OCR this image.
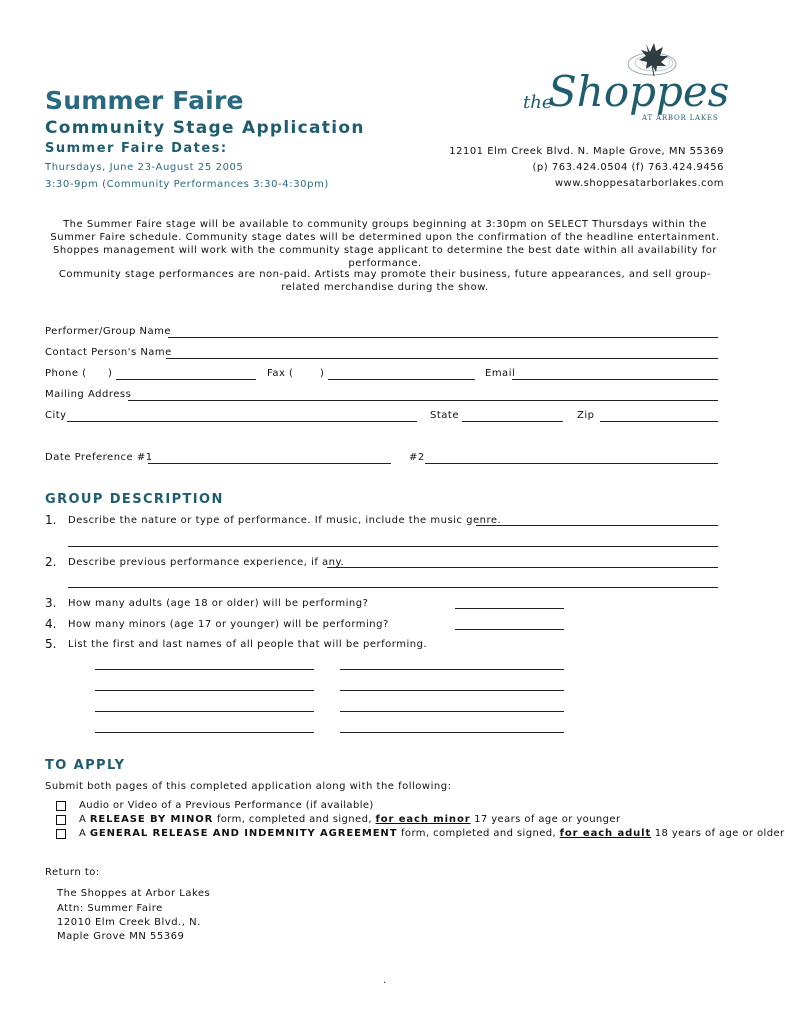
Summer Faire
Community Stage Application
Summer Faire Dates:
Thursdays, June 23-August 25 2005
3:30-9pm (Community Performances 3:30-4:30pm)
the
Shoppes
AT ARBOR LAKES
12101 Elm Creek Blvd. N. Maple Grove, MN 55369
(p) 763.424.0504 (f) 763.424.9456
www.shoppesatarborlakes.com

The Summer Faire stage will be available to community groups beginning at 3:30pm on SELECT Thursdays within the Summer Faire schedule. Community stage dates will be determined upon the confirmation of the headline entertainment. Shoppes management will work with the community stage applicant to determine the best date within all availability for performance.

Community stage performances are non-paid. Artists may promote their business, future appearances, and sell group-related merchandise during the show.

Performer/Group Name
Contact Person's Name
Phone ( )	Fax (	)	Email
Mailing Address
City	State	Zip
Date Preference #1	#2
GROUP DESCRIPTION
1. Describe the nature or type of performance. If music, include the music genre.
2. Describe previous performance experience, if any.
3. How many adults (age 18 or older) will be performing?
4. How many minors (age 17 or younger) will be performing?
5. List the first and last names of all people that will be performing.
TO APPLY
Submit both pages of this completed application along with the following:
Audio or Video of a Previous Performance (if available)
A RELEASE BY MINOR form, completed and signed, for each minor 17 years of age or younger
A GENERAL RELEASE AND INDEMNITY AGREEMENT form, completed and signed, for each adult 18 years of age or older
Return to:
The Shoppes at Arbor Lakes
Attn: Summer Faire
12010 Elm Creek Blvd., N.
Maple Grove MN 55369
.
